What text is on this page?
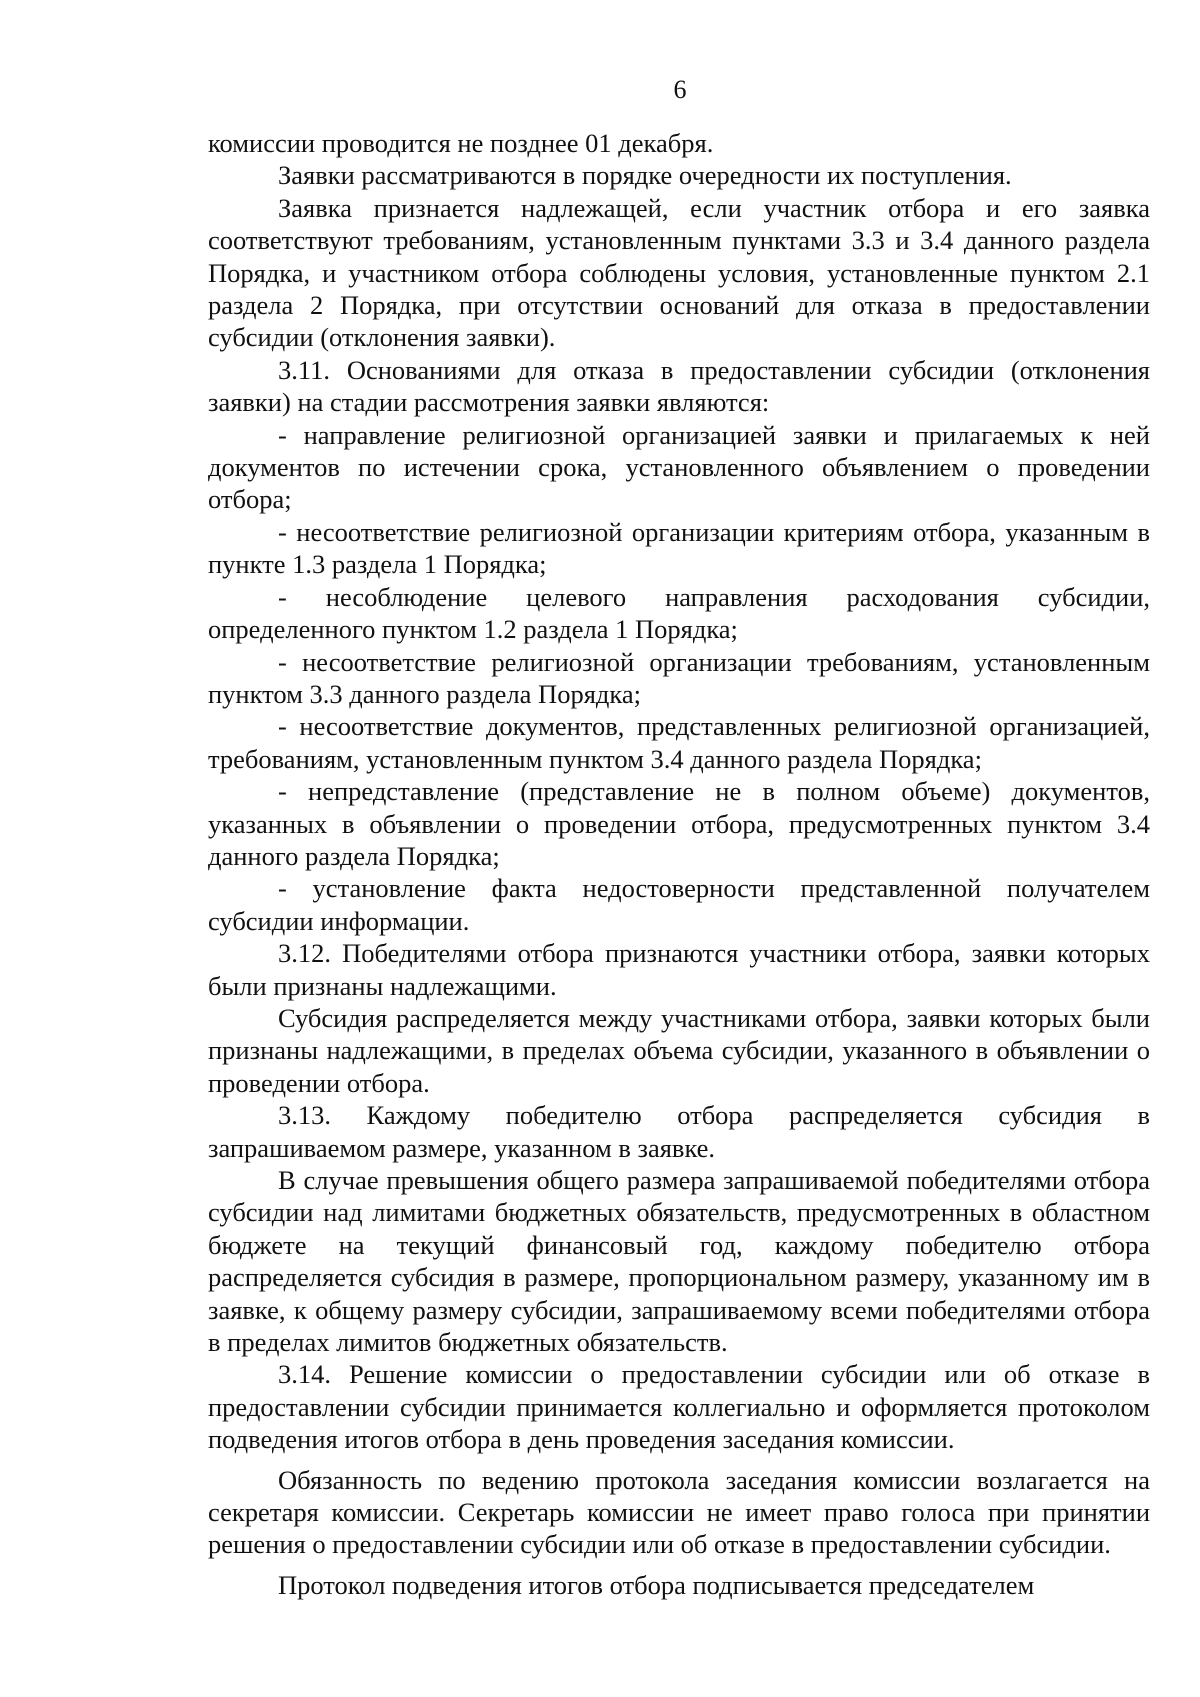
6

комиссии проводится не позднее 01 декабря.

Заявки рассматриваются в порядке очередности их поступления.

Заявка признается надлежащей, если участник отбора и его заявка соответствуют требованиям, установленным пунктами 3.3 и 3.4 данного раздела Порядка, и участником отбора соблюдены условия, установленные пунктом 2.1 раздела 2 Порядка, при отсутствии оснований для отказа в предоставлении субсидии (отклонения заявки).

3.11. Основаниями для отказа в предоставлении субсидии (отклонения заявки) на стадии рассмотрения заявки являются:

- направление религиозной организацией заявки и прилагаемых к ней документов по истечении срока, установленного объявлением о проведении отбора;

- несоответствие религиозной организации критериям отбора, указанным в пункте 1.3 раздела 1 Порядка;

- несоблюдение целевого направления расходования субсидии, определенного пунктом 1.2 раздела 1 Порядка;

- несоответствие религиозной организации требованиям, установленным пунктом 3.3 данного раздела Порядка;

- несоответствие документов, представленных религиозной организацией, требованиям, установленным пунктом 3.4 данного раздела Порядка;

- непредставление (представление не в полном объеме) документов, указанных в объявлении о проведении отбора, предусмотренных пунктом 3.4 данного раздела Порядка;

- установление факта недостоверности представленной получателем субсидии информации.

3.12. Победителями отбора признаются участники отбора, заявки которых были признаны надлежащими.

Субсидия распределяется между участниками отбора, заявки которых были признаны надлежащими, в пределах объема субсидии, указанного в объявлении о проведении отбора.

3.13. Каждому победителю отбора распределяется субсидия в запрашиваемом размере, указанном в заявке.

В случае превышения общего размера запрашиваемой победителями отбора субсидии над лимитами бюджетных обязательств, предусмотренных в областном бюджете на текущий финансовый год, каждому победителю отбора распределяется субсидия в размере, пропорциональном размеру, указанному им в заявке, к общему размеру субсидии, запрашиваемому всеми победителями отбора в пределах лимитов бюджетных обязательств.

3.14. Решение комиссии о предоставлении субсидии или об отказе в предоставлении субсидии принимается коллегиально и оформляется протоколом подведения итогов отбора в день проведения заседания комиссии.

Обязанность по ведению протокола заседания комиссии возлагается на секретаря комиссии. Секретарь комиссии не имеет право голоса при принятии решения о предоставлении субсидии или об отказе в предоставлении субсидии.

Протокол подведения итогов отбора подписывается председателем
